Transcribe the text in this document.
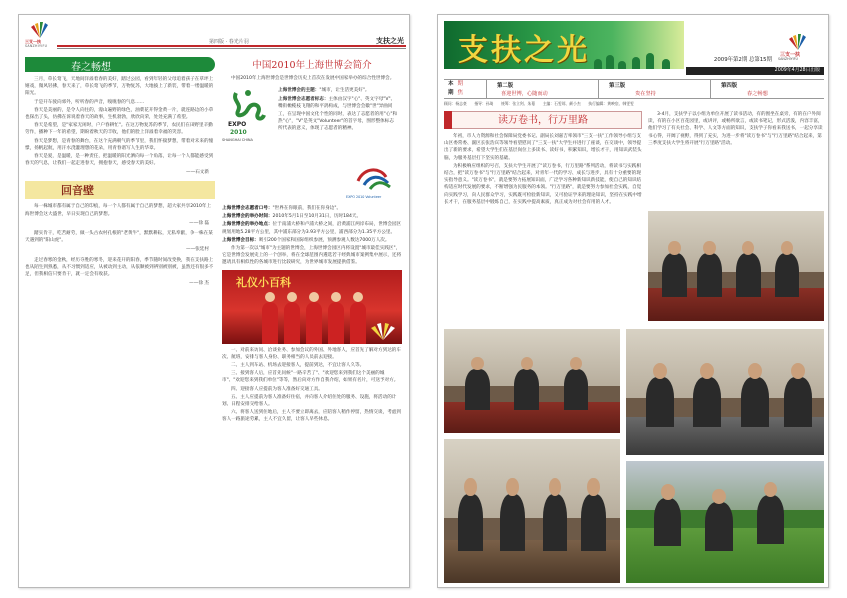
三支一扶
SANZHIYIFU
第四版 · 春光片羽	支扶之光
春之畅想

三月，草长莺飞，天地间洋溢着春的美好，踏过公园，看到年轻的父母追着孩子在草坪上嬉戏，微风轻拂，春天来了，草长莺飞的季节，万物复苏，大地披上了新装，带着一缕温暖的阳光。

于是开车驶向郊外，听听春的声音，嗅嗅春的气息……

春天是美丽的，是令人向往的，漫山遍野的绿色，油菜花开得金黄一片，就连路边的小草也探出了头，仿佛在诉说着春天的故事，生机勃勃，欣欣向荣，处处充满了希望。

春天是希望，是"家家无闲时，户户春耕忙"。在这万物复苏的季节，农民们在田野里辛勤劳作，播种下一年的希望，期盼着秋天的丰收，他们的脸上洋溢着幸福的笑容。

春天是梦想，是青春的舞台，在这个充满朝气的季节里，我们怀揣梦想，带着对未来的憧憬，扬帆起航，用汗水浇灌理想的花朵，用青春谱写人生的华章。

春天是爱，是温暖，是一种责任，把温暖的阳光洒向每一个角落，让每一个人都能感受到春天的气息，让我们一起走进春天，拥抱春天，感受春天的美好。

——石文新
回音壁

每一株城市都有属于自己的印痕，每一个人都有属于自己的梦想，超大家共享2010年上海世博会这大盛世，早日实现自己的梦想。

——徐 磊

踏实肯干，吃苦耐劳，做一头古农村孔根的"老黄牛"，默默耕耘，无私奉献，争一株在某天遇到的"阳山虎"。

——张廷村

走过春寒的金秋，经历夺胜的寒冬，迎来花开的阳春，季节随时间改变换，我在支扶路上也从陌生到熟悉，从不习惯到适应，从被动到主动，从依顺被到辨别被别被，虽然还有很多不足，但我相信只要肯干，就一定会有收获。

——徐 杰
中国2010年上海世博会简介
中国2010年上海世博会是世博会历史上首次在发展中国家举办的综合性世博会。
EXPO
2010
SHANGHAI CHINA

上海世博会的主题："城市，让生活更美好"。

上海世博会志愿者标志：主体由汉字"心"、英文字母"V"、嘴衔橄榄枝飞翔的和平鸽构成，与世博会会徽"世"异曲同工，在呈现中国文化个性的同时，表达了志愿者的用"心"和热"心"，"V"是英文"Volunteer"的首字母，图形整体标志所代表的意义，体现了志愿者的精神。

EXPO 2010 Volunteer

上海世博会志愿者口号："世界在你眼前，我们在你身边"。

上海世博会的举办时间：2010年5月1日至10月31日，历时184天。

上海世博会的举办地点：位于南浦大桥和卢浦大桥之间，沿黄浦江两岸布局，世博会园区规划用地5.28平方公里，其中浦东部分为3.93平方公里，浦西部分为1.35平方公里。

上海世博会目标：吸引200个国家和国际组织参展，预测参观人数达7000万人次。

作为第一次以"城市"为主题的世博会，上海世博会园区内将设置"城市最佳实践区"，它是世博会发展史上的一个创举，将在全球范围内遴选若干经典城市案例集中展示，还将邀请具有相似性的各城市进行比较研究，为世界城市发展提供借鉴。

礼仪小百科

一、对前来访问、洽谈业务、参加会议的外国、外地客人，应首先了解对方到达的车次、航班，安排与客人身份、职务相当的人员前去迎接。

二、主人到车站、机场去迎接客人，提前到达，不宜让客人久等。

三、接到客人后，应首先问候"一路辛苦了"、"欢迎您来到我们这个美丽的城市"、"欢迎您来到我们单位"等等，然后向对方作自我介绍，如果有名片，可送予对方。

四、迎接客人应提前为客人准备好交通工具。

五、主人应提前为客人准备好住宿，并向客人介绍住处的服务、设施，将活动的计划、日程安排交给客人。

六、将客人送到住地后，主人不要立即离去，应陪客人稍作停留，热情交谈，考虑到客人一路旅途劳累，主人不宜久留，让客人早些休息。

支扶之光	三支一扶
SANZHIYIFU
2009年第2期 总第15期
2009年4月28日出版
本 期
期 焦
第二版
喜迎世博，心随而动
第三版
贵在坚持
第四版
春之畅想
顾问：杨志豪　　指导：孙琦　　统筹：张立剑、朱蔓　　主编：石雯琼、颜小杰　　执行编辑：黄映宸、韩雯雯
读万卷书，行万里路

年初，市人力资源和社会保障局党委书记、副局长刘嘉吉率领市"三支一扶"工作领导小组与支山区委常委、副区长张浩宾等领导看望慰问了"三支一扶"大学生并进行了座谈，在交谈中，领导提出了新的要求，希望大学生们在基层岗位上多读书、读好书，积累知识，增长才干，用知识武装头脑，为服务基层打下坚实的基础。

为积极响应组织的号召，支扶大学生开展了"读万卷书，行万里路"系列活动，将读书与实践相结合，把"读万卷书"与"行万里路"结合起来，对青年一代的学习、成长与进步，具有十分重要的现实指导意义。"读万卷书"，就是要努力拓展知识面，广泛学习各种新知识新技能，使自己的知识结构适应时代发展的要求，不断增强为民服务的本领。"行万里路"，就是要努力参加社会实践，自觉向实践学习，向人民群众学习，实践既可检验新知识，又可验证学来的理论知识，坚持在实践中增长才干，在服务基层中锻炼自己，在实践中提高素质，真正成为对社会有用的人才。

3-4月，支扶学子以小组为单位开展了读书活动，有的围坐在桌旁，有的在户外阅读，有的在小区百花园里，或讲评，或畅所欲言，或读书笔记，形式活泼，内容丰富，他们学习了有关社会、科学、人文等方面的知识，支扶学子你看来我送书，一起分享读书心得，开阔了视野，得到了充实，为进一步将"读万卷书"与"行万里路"结合起来，第三季度支扶大学生将开展"行万里路"活动。
